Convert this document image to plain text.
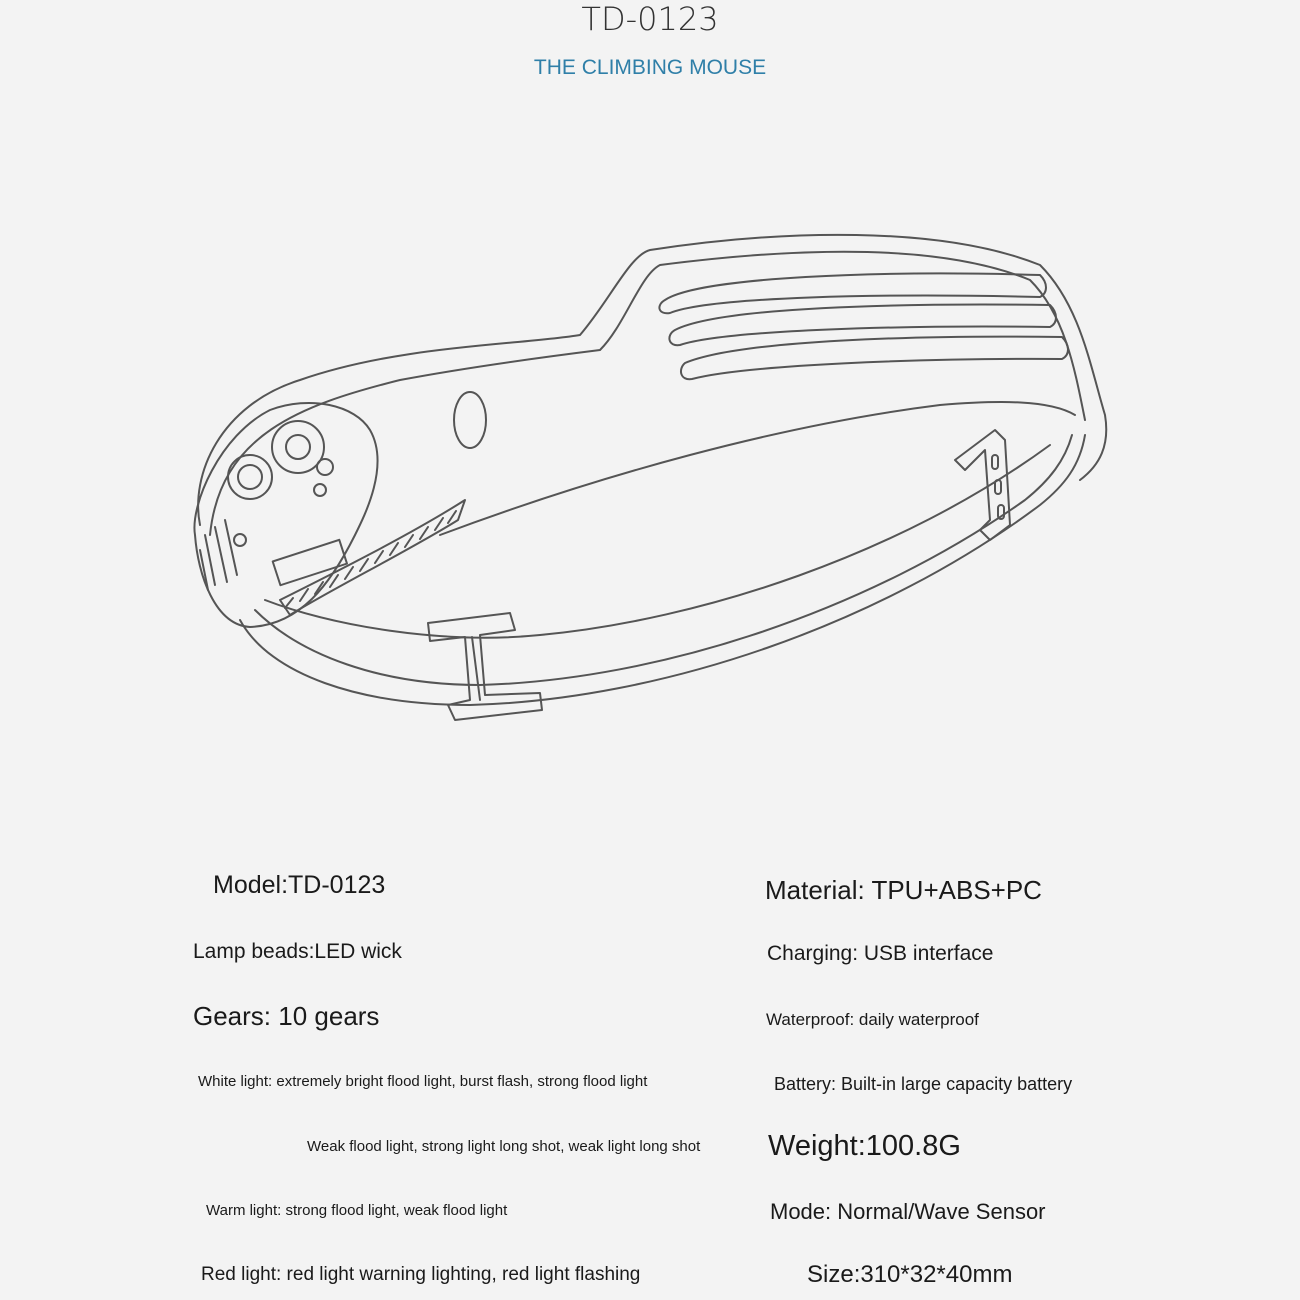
TD-0123
THE CLIMBING MOUSE
Model:TD-0123
Lamp beads:LED wick
Gears: 10 gears
White light: extremely bright flood light, burst flash, strong flood light
Weak flood light, strong light long shot, weak light long shot
Warm light: strong flood light, weak flood light
Red light: red light warning lighting, red light flashing
Material: TPU+ABS+PC
Charging: USB interface
Waterproof: daily waterproof
Battery: Built-in large capacity battery
Weight:100.8G
Mode: Normal/Wave Sensor
Size:310*32*40mm
